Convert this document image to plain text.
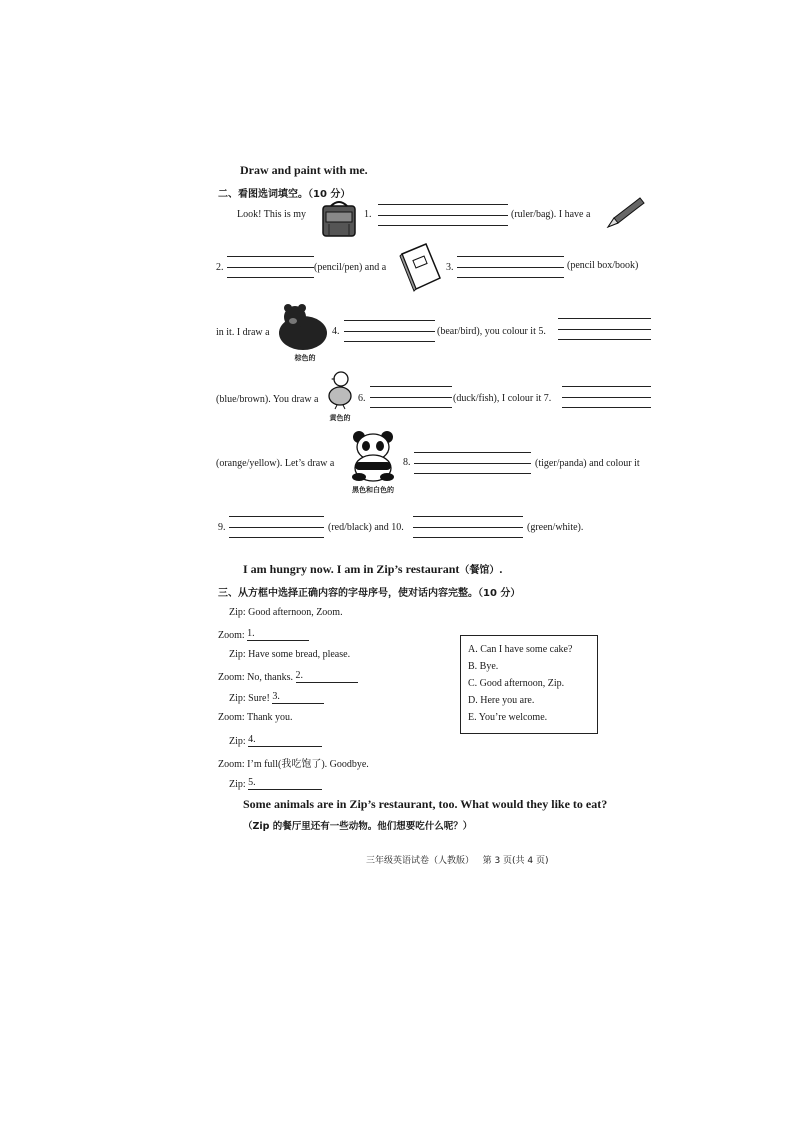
Draw and paint with me.
二、看图选词填空。（10 分）
Look! This is my	1.	(ruler/bag). I have a
2.	(pencil/pen) and a	3.	(pencil box/book)
in it. I draw a
棕色的
4.	(bear/bird), you colour it 5.
(blue/brown). You draw a
黄色的
6.	(duck/fish), I colour it 7.
(orange/yellow). Let’s draw a
黑色和白色的
8.	(tiger/panda) and colour it
9.	(red/black) and 10.	(green/white).
I am hungry now. I am in Zip’s restaurant（餐馆）.
三、从方框中选择正确内容的字母序号，使对话内容完整。（10 分）
Zip: Good afternoon, Zoom.
Zoom: 1.
Zip: Have some bread, please.
Zoom: No, thanks. 2.
Zip: Sure! 3.
Zoom: Thank you.
Zip: 4.
Zoom: I’m full(我吃饱了). Goodbye.
Zip: 5.
A. Can I have some cake?
B. Bye.
C. Good afternoon, Zip.
D. Here you are.
E. You’re welcome.
Some animals are in Zip’s restaurant, too. What would they like to eat?
（Zip 的餐厅里还有一些动物。他们想要吃什么呢？）
三年级英语试卷（人教版）   第 3 页(共 4 页)
